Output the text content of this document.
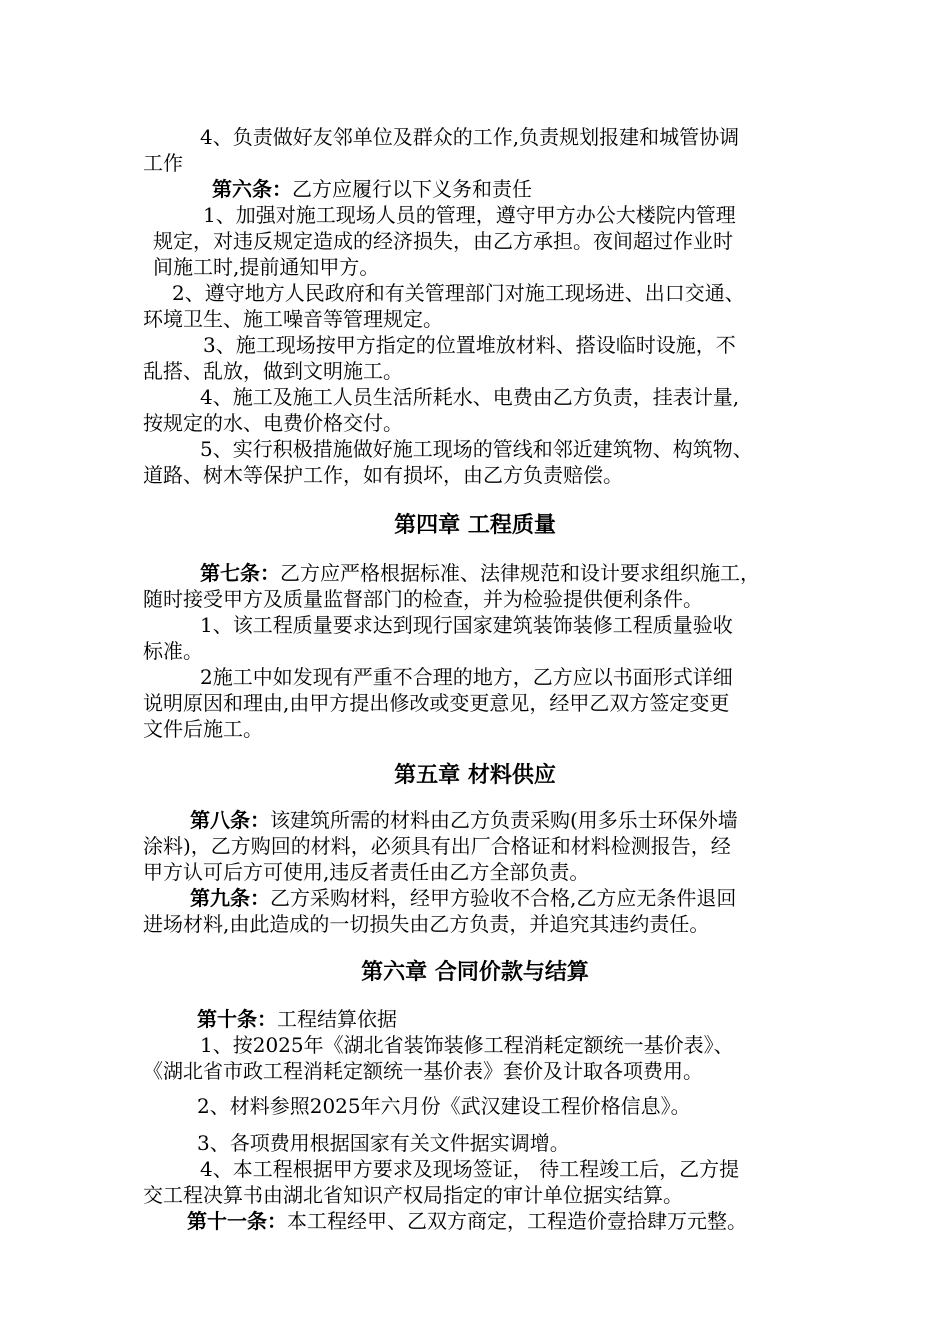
4、负责做好友邻单位及群众的工作,负责规划报建和城管协调
工作
第六条：乙方应履行以下义务和责任
1、加强对施工现场人员的管理，遵守甲方办公大楼院内管理
规定，对违反规定造成的经济损失，由乙方承担。夜间超过作业时
间施工时,提前通知甲方。
2、遵守地方人民政府和有关管理部门对施工现场进、出口交通、
环境卫生、施工噪音等管理规定。
3、施工现场按甲方指定的位置堆放材料、搭设临时设施，不
乱搭、乱放，做到文明施工。
4、施工及施工人员生活所耗水、电费由乙方负责，挂表计量,
按规定的水、电费价格交付。
5、实行积极措施做好施工现场的管线和邻近建筑物、构筑物、
道路、树木等保护工作，如有损坏，由乙方负责赔偿。
第四章 工程质量
第七条：乙方应严格根据标准、法律规范和设计要求组织施工，
随时接受甲方及质量监督部门的检查，并为检验提供便利条件。
1、该工程质量要求达到现行国家建筑装饰装修工程质量验收
标准。
2施工中如发现有严重不合理的地方，乙方应以书面形式详细
说明原因和理由,由甲方提出修改或变更意见，经甲乙双方签定变更
文件后施工。
第五章 材料供应
第八条：该建筑所需的材料由乙方负责采购(用多乐士环保外墙
涂料)，乙方购回的材料，必须具有出厂合格证和材料检测报告，经
甲方认可后方可使用,违反者责任由乙方全部负责。
第九条：乙方采购材料，经甲方验收不合格,乙方应无条件退回
进场材料,由此造成的一切损失由乙方负责，并追究其违约责任。
第六章 合同价款与结算
第十条：工程结算依据
1、按2025年《湖北省装饰装修工程消耗定额统一基价表》、
《湖北省市政工程消耗定额统一基价表》套价及计取各项费用。
2、材料参照2025年六月份《武汉建设工程价格信息》。
3、各项费用根据国家有关文件据实调增。
4、本工程根据甲方要求及现场签证， 待工程竣工后，乙方提
交工程决算书由湖北省知识产权局指定的审计单位据实结算。
第十一条：本工程经甲、乙双方商定，工程造价壹拾肆万元整。
